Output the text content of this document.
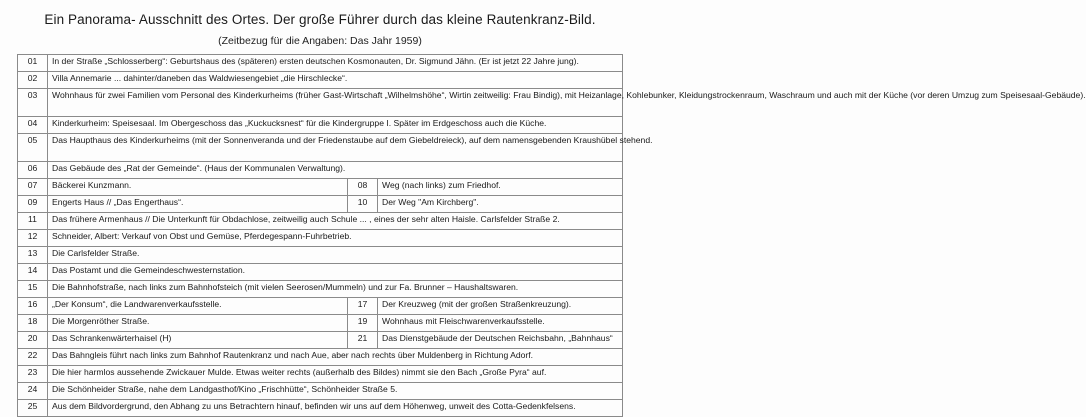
Ein Panorama- Ausschnitt des Ortes. Der große Führer durch das kleine Rautenkranz-Bild.
(Zeitbezug für die Angaben: Das Jahr 1959)
01	In der Straße „Schlosserberg“: Geburtshaus des (späteren) ersten deutschen Kosmonauten, Dr. Sigmund Jähn. (Er ist jetzt 22 Jahre jung).		
02	Villa Annemarie ... dahinter/daneben das Waldwiesengebiet „die Hirschlecke“.		
03	Wohnhaus für zwei Familien vom Personal des Kinderkurheims (früher Gast-Wirtschaft „Wilhelmshöhe“, Wirtin zeitweilig: Frau Bindig), mit Heizanlage, Kohlebunker, Kleidungstrockenraum, Waschraum und auch mit der Küche (vor deren Umzug zum Speisesaal-Gebäude).		
04	Kinderkurheim: Speisesaal. Im Obergeschoss das „Kuckucksnest“ für die Kindergruppe I. Später im Erdgeschoss auch die Küche.		
05	Das Haupthaus des Kinderkurheims (mit der Sonnenveranda und der Friedenstaube auf dem Giebeldreieck), auf dem namensgebenden Kraushübel stehend.		
06	Das Gebäude des „Rat der Gemeinde“. (Haus der Kommunalen Verwaltung).		
07	Bäckerei Kunzmann.	08	Weg (nach links) zum Friedhof.
09	Engerts Haus // „Das Engerthaus“.	10	Der Weg "Am Kirchberg".
11	Das frühere Armenhaus // Die Unterkunft für Obdachlose, zeitweilig auch Schule ... , eines der sehr alten Haisle. Carlsfelder Straße 2.		
12	Schneider, Albert: Verkauf von Obst und Gemüse, Pferdegespann-Fuhrbetrieb.		
13	Die Carlsfelder Straße.		
14	Das Postamt und die Gemeindeschwesternstation.		
15	Die Bahnhofstraße, nach links zum Bahnhofsteich (mit vielen Seerosen/Mummeln) und zur Fa. Brunner – Haushaltswaren.		
16	„Der Konsum“, die Landwarenverkaufsstelle.	17	Der Kreuzweg (mit der großen Straßenkreuzung).
18	Die Morgenröther Straße.	19	Wohnhaus mit Fleischwarenverkaufsstelle.
20	Das Schrankenwärterhaisel (H)	21	Das Dienstgebäude der Deutschen Reichsbahn, „Bahnhaus“
22	Das Bahngleis führt nach links zum Bahnhof Rautenkranz und nach Aue, aber nach rechts über Muldenberg in Richtung Adorf.		
23	Die hier harmlos aussehende Zwickauer Mulde. Etwas weiter rechts (außerhalb des Bildes) nimmt sie den Bach „Große Pyra“ auf.		
24	Die Schönheider Straße, nahe dem Landgasthof/Kino „Frischhütte“, Schönheider Straße 5.		
25	Aus dem Bildvordergrund, den Abhang zu uns Betrachtern hinauf, befinden wir uns auf dem Höhenweg, unweit des Cotta-Gedenkfelsens.		
